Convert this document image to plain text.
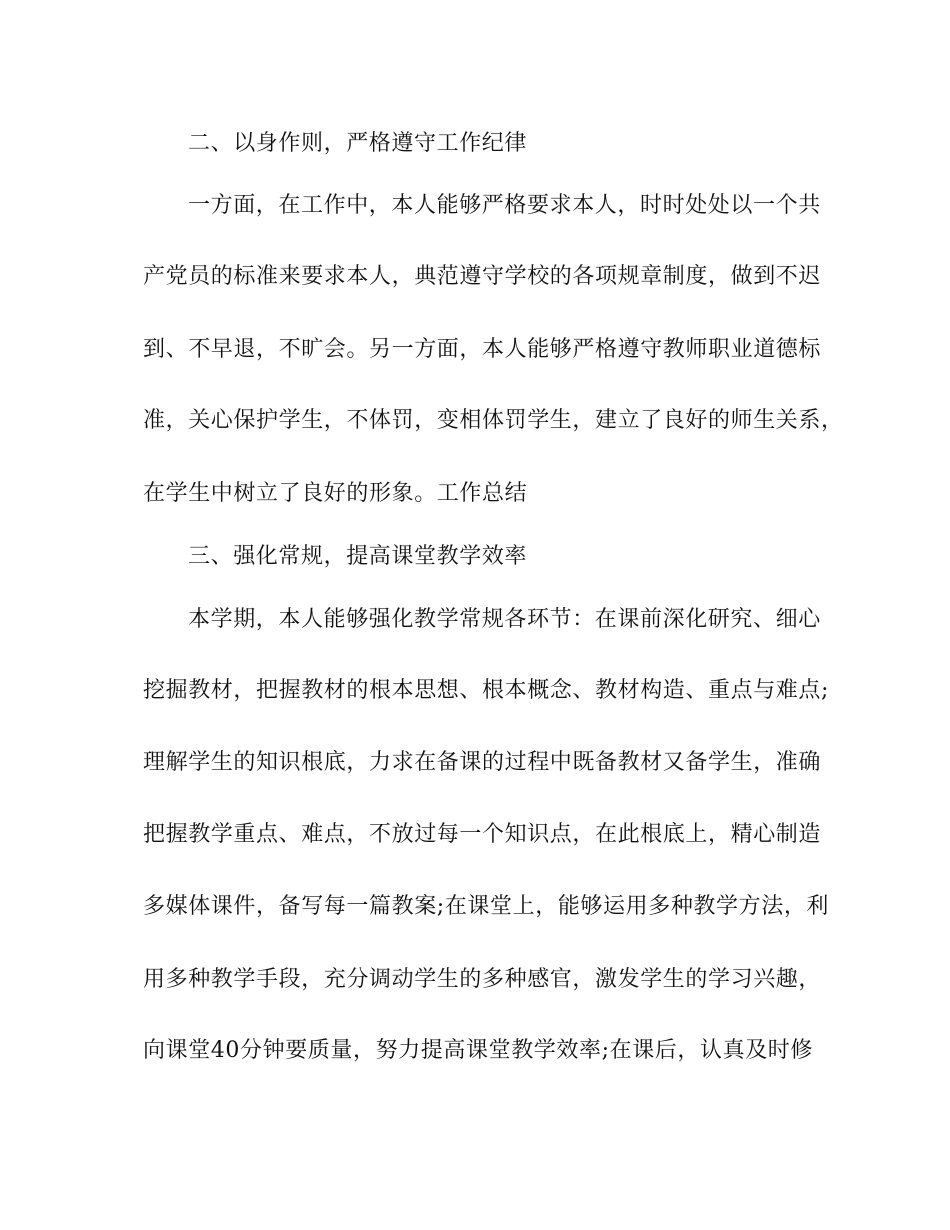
二、以身作则，严格遵守工作纪律
一方面，在工作中，本人能够严格要求本人，时时处处以一个共
产党员的标准来要求本人，典范遵守学校的各项规章制度，做到不迟
到、不早退，不旷会。另一方面，本人能够严格遵守教师职业道德标
准，关心保护学生，不体罚，变相体罚学生，建立了良好的师生关系，
在学生中树立了良好的形象。工作总结
三、强化常规，提高课堂教学效率
本学期，本人能够强化教学常规各环节：在课前深化研究、细心
挖掘教材，把握教材的根本思想、根本概念、教材构造、重点与难点;
理解学生的知识根底，力求在备课的过程中既备教材又备学生，准确
把握教学重点、难点，不放过每一个知识点，在此根底上，精心制造
多媒体课件，备写每一篇教案;在课堂上，能够运用多种教学方法，利
用多种教学手段，充分调动学生的多种感官，激发学生的学习兴趣，
向课堂40分钟要质量，努力提高课堂教学效率;在课后，认真及时修
